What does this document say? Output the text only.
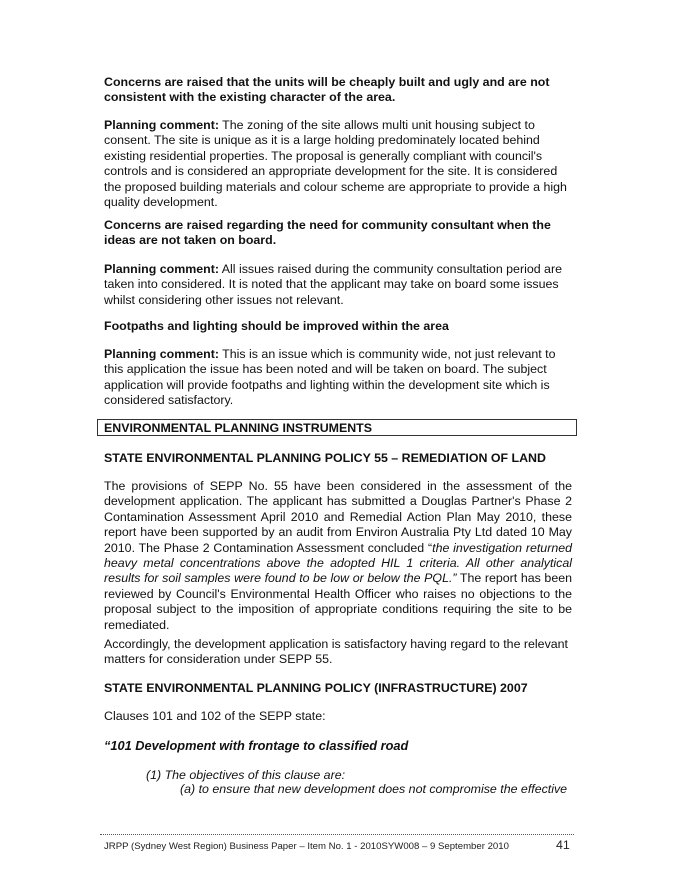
Concerns are raised that the units will be cheaply built and ugly and are not consistent with the existing character of the area.

Planning comment: The zoning of the site allows multi unit housing subject to consent. The site is unique as it is a large holding predominately located behind existing residential properties. The proposal is generally compliant with council's controls and is considered an appropriate development for the site. It is considered the proposed building materials and colour scheme are appropriate to provide a high quality development.

Concerns are raised regarding the need for community consultant when the ideas are not taken on board.

Planning comment: All issues raised during the community consultation period are taken into considered. It is noted that the applicant may take on board some issues whilst considering other issues not relevant.

Footpaths and lighting should be improved within the area

Planning comment: This is an issue which is community wide, not just relevant to this application the issue has been noted and will be taken on board. The subject application will provide footpaths and lighting within the development site which is considered satisfactory.

ENVIRONMENTAL PLANNING INSTRUMENTS

STATE ENVIRONMENTAL PLANNING POLICY 55 – REMEDIATION OF LAND

The provisions of SEPP No. 55 have been considered in the assessment of the development application. The applicant has submitted a Douglas Partner's Phase 2 Contamination Assessment April 2010 and Remedial Action Plan May 2010, these report have been supported by an audit from Environ Australia Pty Ltd dated 10 May 2010. The Phase 2 Contamination Assessment concluded “the investigation returned heavy metal concentrations above the adopted HIL 1 criteria. All other analytical results for soil samples were found to be low or below the PQL.” The report has been reviewed by Council's Environmental Health Officer who raises no objections to the proposal subject to the imposition of appropriate conditions requiring the site to be remediated.

Accordingly, the development application is satisfactory having regard to the relevant matters for consideration under SEPP 55.

STATE ENVIRONMENTAL PLANNING POLICY (INFRASTRUCTURE) 2007

Clauses 101 and 102 of the SEPP state:

“101 Development with frontage to classified road
(1) The objectives of this clause are:
(a) to ensure that new development does not compromise the effective
JRPP (Sydney West Region) Business Paper – Item No. 1 - 2010SYW008 – 9 September 2010	41
